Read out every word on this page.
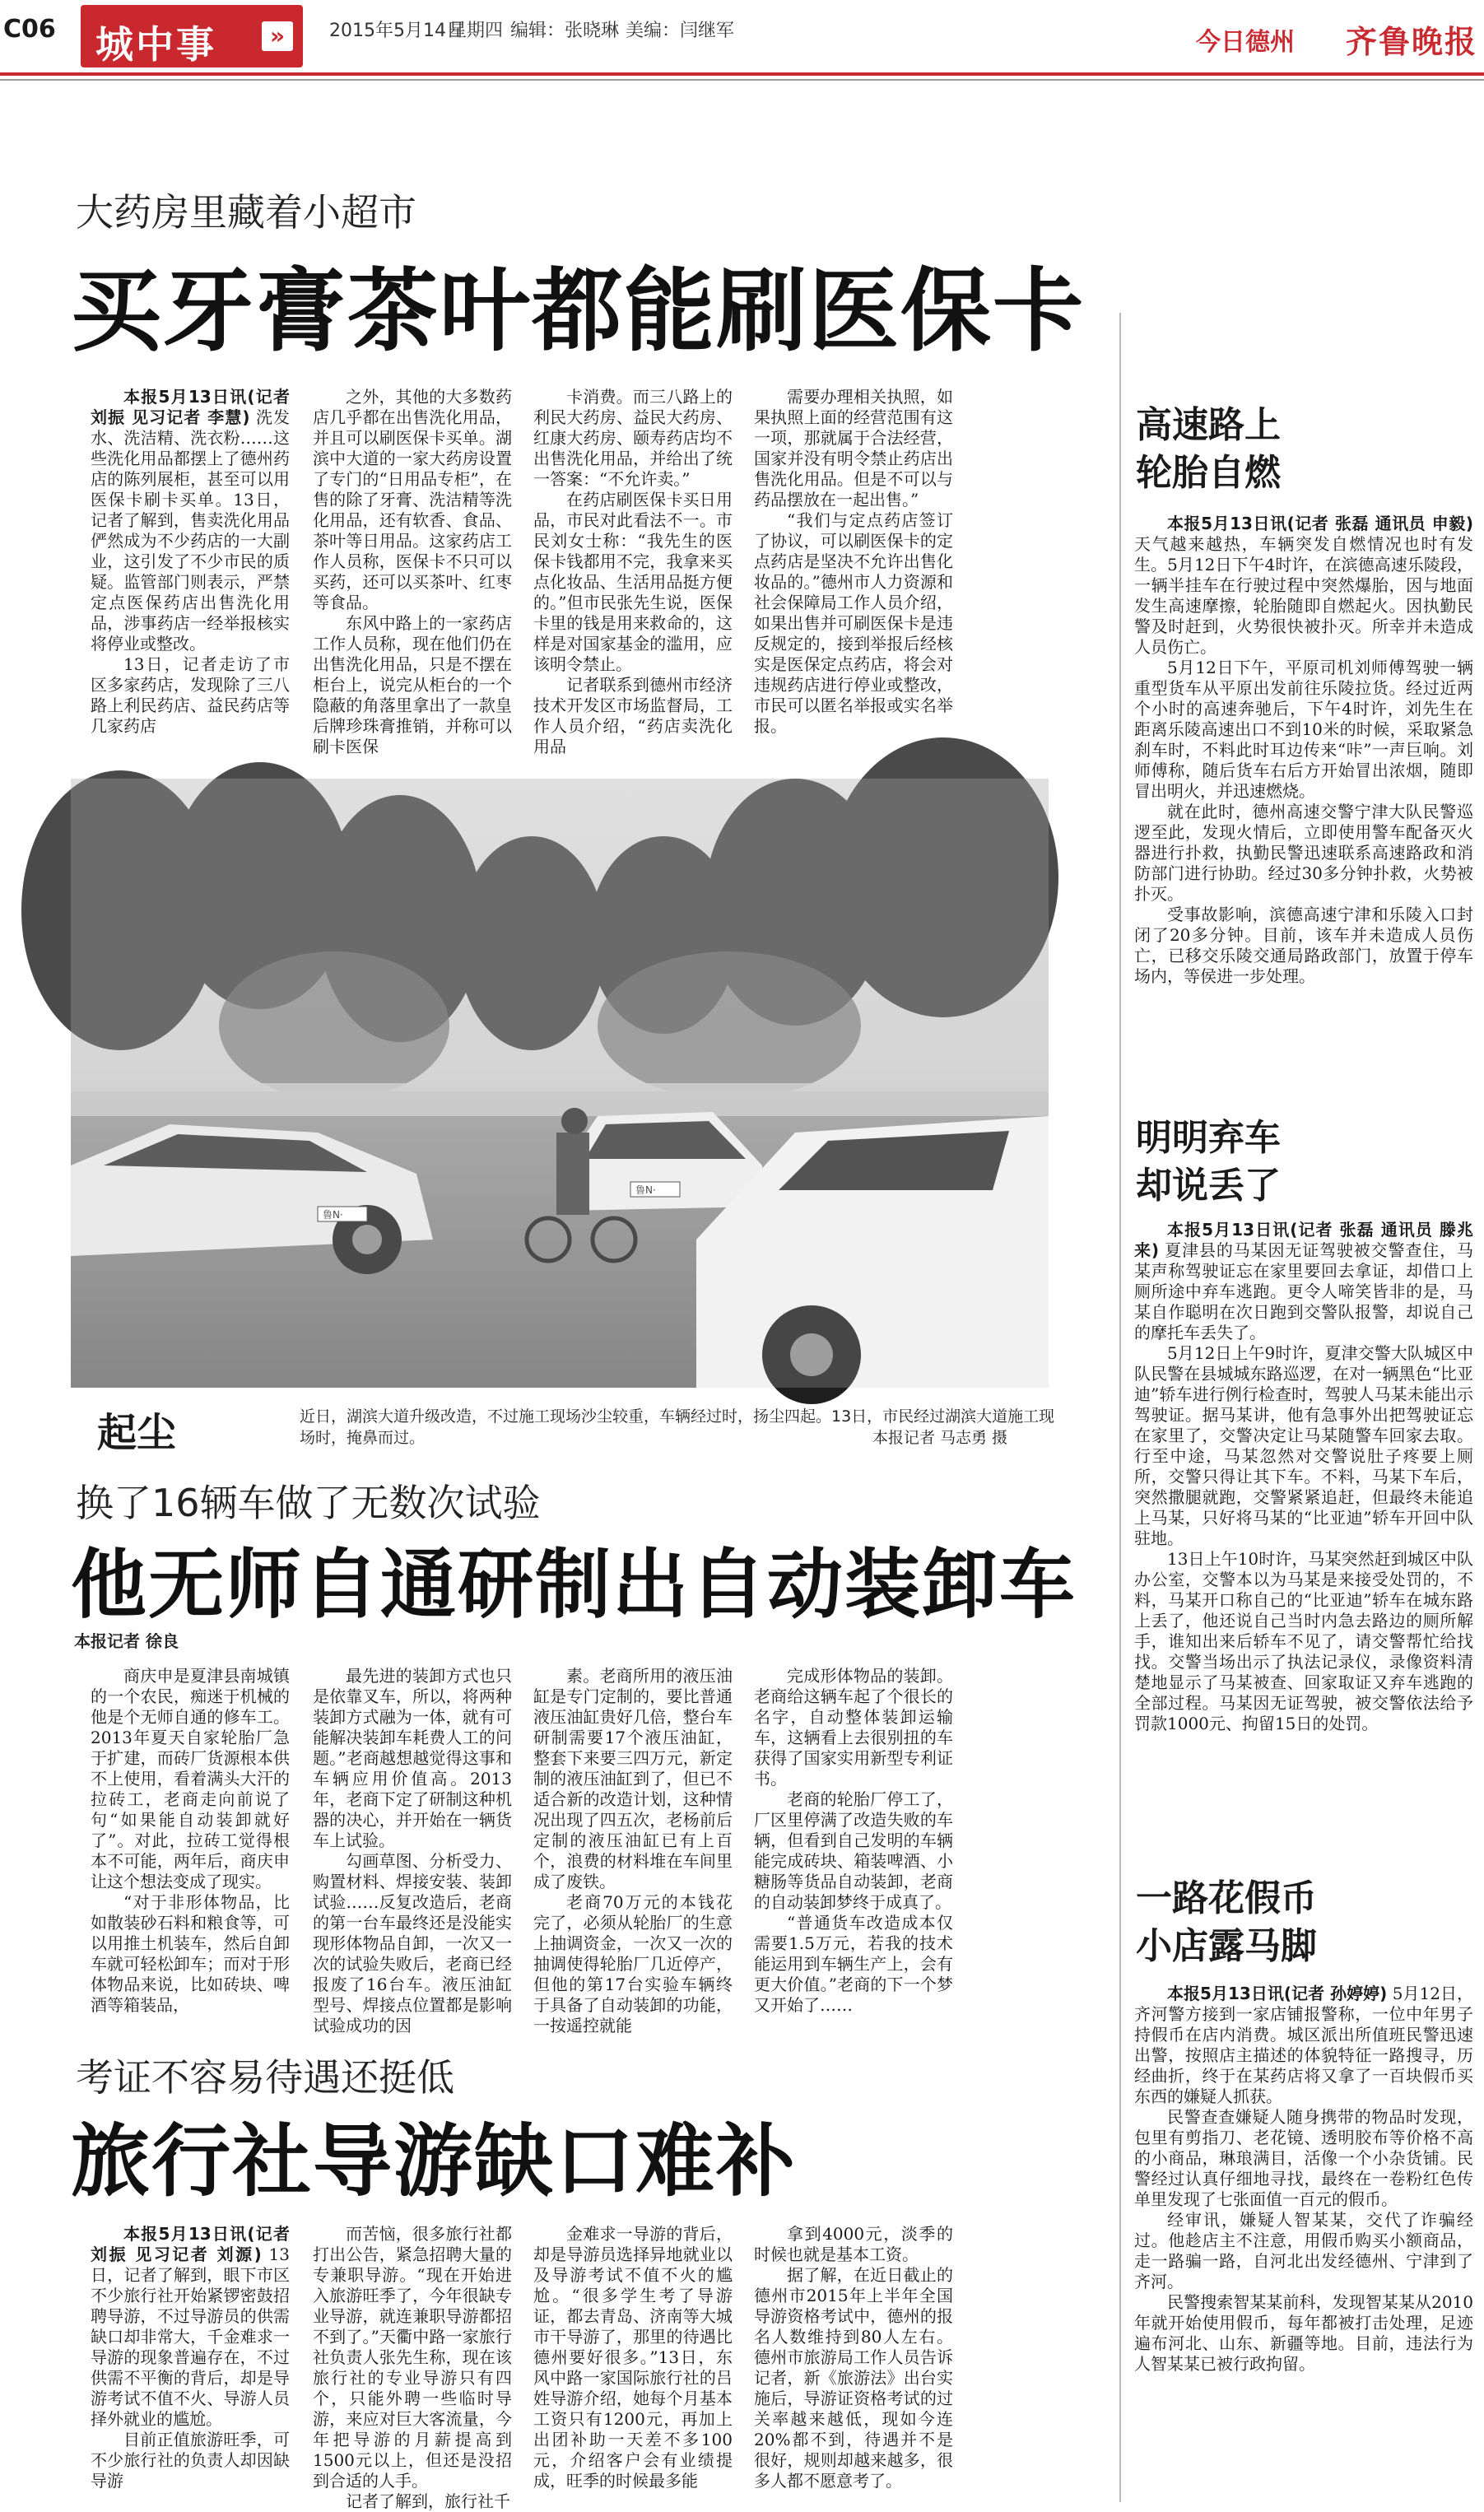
C06 城中事	»	2015年5月14日
星期四 编辑：张晓琳 美编：闫继军	今日德州	齐鲁晚报
大药房里藏着小超市
买牙膏茶叶都能刷医保卡

本报5月13日讯(记者 刘振 见习记者 李慧) 洗发水、洗洁精、洗衣粉……这些洗化用品都摆上了德州药店的陈列展柜，甚至可以用医保卡刷卡买单。13日，记者了解到，售卖洗化用品俨然成为不少药店的一大副业，这引发了不少市民的质疑。监管部门则表示，严禁定点医保药店出售洗化用品，涉事药店一经举报核实将停业或整改。

13日，记者走访了市区多家药店，发现除了三八路上利民药店、益民药店等几家药店

之外，其他的大多数药店几乎都在出售洗化用品，并且可以刷医保卡买单。湖滨中大道的一家大药房设置了专门的“日用品专柜”，在售的除了牙膏、洗洁精等洗化用品，还有软香、食品、茶叶等日用品。这家药店工作人员称，医保卡不只可以买药，还可以买茶叶、红枣等食品。

东风中路上的一家药店工作人员称，现在他们仍在出售洗化用品，只是不摆在柜台上，说完从柜台的一个隐蔽的角落里拿出了一款皇后牌珍珠膏推销，并称可以刷卡医保

卡消费。而三八路上的利民大药房、益民大药房、红康大药房、颐寿药店均不出售洗化用品，并给出了统一答案：“不允许卖。”

在药店刷医保卡买日用品，市民对此看法不一。市民刘女士称：“我先生的医保卡钱都用不完，我拿来买点化妆品、生活用品挺方便的。”但市民张先生说，医保卡里的钱是用来救命的，这样是对国家基金的滥用，应该明令禁止。

记者联系到德州市经济技术开发区市场监督局，工作人员介绍，“药店卖洗化用品

需要办理相关执照，如果执照上面的经营范围有这一项，那就属于合法经营，国家并没有明令禁止药店出售洗化用品。但是不可以与药品摆放在一起出售。”

“我们与定点药店签订了协议，可以刷医保卡的定点药店是坚决不允许出售化妆品的。”德州市人力资源和社会保障局工作人员介绍，如果出售并可刷医保卡是违反规定的，接到举报后经核实是医保定点药店，将会对违规药店进行停业或整改，市民可以匿名举报或实名举报。

鲁N·
鲁N·
起尘	近日，湖滨大道升级改造，不过施工现场沙尘较重，车辆经过时，扬尘四起。13日，市民经过湖滨大道施工现场时，掩鼻而过。	本报记者 马志勇 摄
换了16辆车做了无数次试验
他无师自通研制出自动装卸车
本报记者 徐良

商庆申是夏津县南城镇的一个农民，痴迷于机械的他是个无师自通的修车工。2013年夏天自家轮胎厂急于扩建，而砖厂货源根本供不上使用，看着满头大汗的拉砖工，老商走向前说了句“如果能自动装卸就好了”。对此，拉砖工觉得根本不可能，两年后，商庆申让这个想法变成了现实。

“对于非形体物品，比如散装砂石料和粮食等，可以用推土机装车，然后自卸车就可轻松卸车；而对于形体物品来说，比如砖块、啤酒等箱装品，

最先进的装卸方式也只是依靠叉车，所以，将两种装卸方式融为一体，就有可能解决装卸车耗费人工的问题。”老商越想越觉得这事和车辆应用价值高。2013年，老商下定了研制这种机器的决心，并开始在一辆货车上试验。

勾画草图、分析受力、购置材料、焊接安装、装卸试验……反复改造后，老商的第一台车最终还是没能实现形体物品自卸，一次又一次的试验失败后，老商已经报废了16台车。液压油缸型号、焊接点位置都是影响试验成功的因

素。老商所用的液压油缸是专门定制的，要比普通液压油缸贵好几倍，整台车研制需要17个液压油缸，整套下来要三四万元，新定制的液压油缸到了，但已不适合新的改造计划，这种情况出现了四五次，老杨前后定制的液压油缸已有上百个，浪费的材料堆在车间里成了废铁。

老商70万元的本钱花完了，必须从轮胎厂的生意上抽调资金，一次又一次的抽调使得轮胎厂几近停产，但他的第17台实验车辆终于具备了自动装卸的功能，一按遥控就能

完成形体物品的装卸。老商给这辆车起了个很长的名字，自动整体装卸运输车，这辆看上去很别扭的车获得了国家实用新型专利证书。

老商的轮胎厂停工了，厂区里停满了改造失败的车辆，但看到自己发明的车辆能完成砖块、箱装啤酒、小糖肠等货品自动装卸，老商的自动装卸梦终于成真了。

“普通货车改造成本仅需要1.5万元，若我的技术能运用到车辆生产上，会有更大价值。”老商的下一个梦又开始了……

考证不容易待遇还挺低
旅行社导游缺口难补

本报5月13日讯(记者 刘振 见习记者 刘源) 13日，记者了解到，眼下市区不少旅行社开始紧锣密鼓招聘导游，不过导游员的供需缺口却非常大，千金难求一导游的现象普遍存在，不过供需不平衡的背后，却是导游考试不值不火、导游人员择外就业的尴尬。

目前正值旅游旺季，可不少旅行社的负责人却因缺导游

而苦恼，很多旅行社都打出公告，紧急招聘大量的专兼职导游。“现在开始进入旅游旺季了，今年很缺专业导游，就连兼职导游都招不到了。”天衢中路一家旅行社负责人张先生称，现在该旅行社的专业导游只有四个，只能外聘一些临时导游，来应对巨大客流量，今年把导游的月薪提高到1500元以上，但还是没招到合适的人手。

记者了解到，旅行社千

金难求一导游的背后，却是导游员选择异地就业以及导游考试不值不火的尴尬。“很多学生考了导游证，都去青岛、济南等大城市干导游了，那里的待遇比德州要好很多。”13日，东风中路一家国际旅行社的吕姓导游介绍，她每个月基本工资只有1200元，再加上出团补助一天差不多100元，介绍客户会有业绩提成，旺季的时候最多能

拿到4000元，淡季的时候也就是基本工资。

据了解，在近日截止的德州市2015年上半年全国导游资格考试中，德州的报名人数维持到80人左右。德州市旅游局工作人员告诉记者，新《旅游法》出台实施后，导游证资格考试的过关率越来越低，现如今连20%都不到，待遇并不是很好，规则却越来越多，很多人都不愿意考了。

高速路上
轮胎自燃

本报5月13日讯(记者 张磊 通讯员 申毅) 天气越来越热，车辆突发自燃情况也时有发生。5月12日下午4时许，在滨德高速乐陵段，一辆半挂车在行驶过程中突然爆胎，因与地面发生高速摩擦，轮胎随即自燃起火。因执勤民警及时赶到，火势很快被扑灭。所幸并未造成人员伤亡。

5月12日下午，平原司机刘师傅驾驶一辆重型货车从平原出发前往乐陵拉货。经过近两个小时的高速奔驰后，下午4时许，刘先生在距离乐陵高速出口不到10米的时候，采取紧急刹车时，不料此时耳边传来“咔”一声巨响。刘师傅称，随后货车右后方开始冒出浓烟，随即冒出明火，并迅速燃烧。

就在此时，德州高速交警宁津大队民警巡逻至此，发现火情后，立即使用警车配备灭火器进行扑救，执勤民警迅速联系高速路政和消防部门进行协助。经过30多分钟扑救，火势被扑灭。

受事故影响，滨德高速宁津和乐陵入口封闭了20多分钟。目前，该车并未造成人员伤亡，已移交乐陵交通局路政部门，放置于停车场内，等侯进一步处理。

明明弃车
却说丢了

本报5月13日讯(记者 张磊 通讯员 滕兆来) 夏津县的马某因无证驾驶被交警查住，马某声称驾驶证忘在家里要回去拿证，却借口上厕所途中弃车逃跑。更令人啼笑皆非的是，马某自作聪明在次日跑到交警队报警，却说自己的摩托车丢失了。

5月12日上午9时许，夏津交警大队城区中队民警在县城城东路巡逻，在对一辆黑色“比亚迪”轿车进行例行检查时，驾驶人马某未能出示驾驶证。据马某讲，他有急事外出把驾驶证忘在家里了，交警决定让马某随警车回家去取。行至中途，马某忽然对交警说肚子疼要上厕所，交警只得让其下车。不料，马某下车后，突然撒腿就跑，交警紧紧追赶，但最终未能追上马某，只好将马某的“比亚迪”轿车开回中队驻地。

13日上午10时许，马某突然赶到城区中队办公室，交警本以为马某是来接受处罚的，不料，马某开口称自己的“比亚迪”轿车在城东路上丢了，他还说自己当时内急去路边的厕所解手，谁知出来后轿车不见了，请交警帮忙给找找。交警当场出示了执法记录仪，录像资料清楚地显示了马某被查、回家取证又弃车逃跑的全部过程。马某因无证驾驶，被交警依法给予罚款1000元、拘留15日的处罚。

一路花假币
小店露马脚

本报5月13日讯(记者 孙婷婷) 5月12日，齐河警方接到一家店铺报警称，一位中年男子持假币在店内消费。城区派出所值班民警迅速出警，按照店主描述的体貌特征一路搜寻，历经曲折，终于在某药店将又拿了一百块假币买东西的嫌疑人抓获。

民警查查嫌疑人随身携带的物品时发现，包里有剪指刀、老花镜、透明胶布等价格不高的小商品，琳琅满目，活像一个小杂货铺。民警经过认真仔细地寻找，最终在一卷粉红色传单里发现了七张面值一百元的假币。

经审讯，嫌疑人智某某，交代了诈骗经过。他趁店主不注意，用假币购买小额商品，走一路骗一路，自河北出发经德州、宁津到了齐河。

民警搜索智某某前科，发现智某某从2010年就开始使用假币，每年都被打击处理，足迹遍布河北、山东、新疆等地。目前，违法行为人智某某已被行政拘留。
